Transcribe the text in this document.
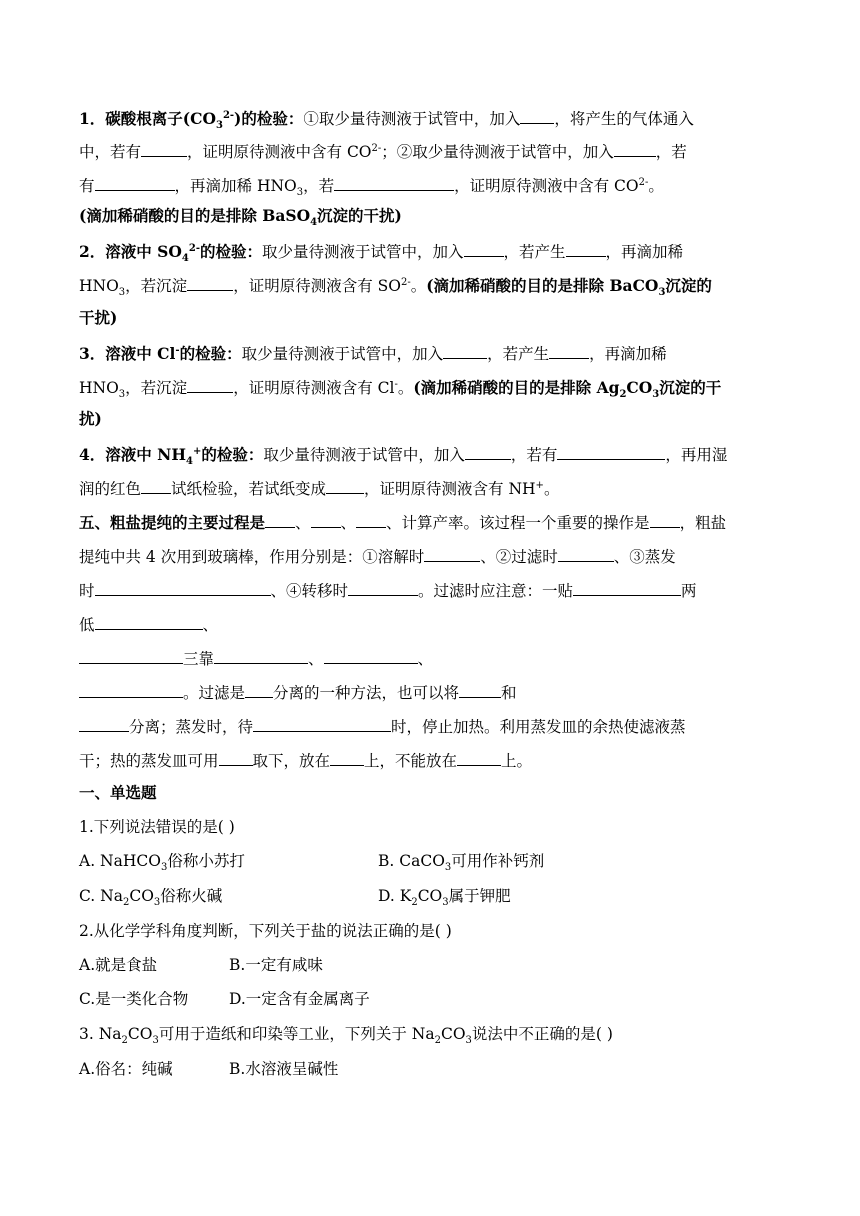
1．碳酸根离子$(CO_3^{2-})$的检验：①取少量待测液于试管中，加入 ，将产生的气体通入
中，若有	，证明原待测液中含有 $CO^{2-}$；②取少量待测液于试管中，加入	，若
有	，再滴加稀 $HNO_3$，若	，证明原待测液中含有 $CO^{2-}$。
(滴加稀硝酸的目的是排除 BaSO$_4$沉淀的干扰)
2．溶液中 $SO_4^{2-}$的检验：取少量待测液于试管中，加入	，若产生	，再滴加稀
$HNO_3$，若沉淀	，证明原待测液含有 $SO^{2-}$。(滴加稀硝酸的目的是排除 BaCO$_3$沉淀的
干扰)
3．溶液中 Cl-的检验：取少量待测液于试管中，加入	，若产生	，再滴加稀
$HNO_3$，若沉淀	，证明原待测液含有 Cl-。(滴加稀硝酸的目的是排除 $Ag_2CO_3$沉淀的干
扰)
4．溶液中 $NH_4^+$的检验：取少量待测液于试管中，加入	，若有	，再用湿
润的红色 试纸检验，若试纸变成 ，证明原待测液含有 NH+。
五、粗盐提纯的主要过程是 、 、 、计算产率。该过程一个重要的操作是 ，粗盐
提纯中共 4 次用到玻璃棒，作用分别是：①溶解时	、②过滤时	、③蒸发
时	、④转移时	。过滤时应注意：一贴	两
低	、
三靠	、	、
。过滤是 分离的一种方法，也可以将	和
分离；蒸发时，待	时，停止加热。利用蒸发皿的余热使滤液蒸
干；热的蒸发皿可用 取下，放在 上，不能放在	上。
一、单选题
1.下列说法错误的是( )
A. NaHCO$_3$俗称小苏打	B. CaCO$_3$可用作补钙剂
C. $Na_2CO_3$俗称火碱	D. $K_2CO_3$属于钾肥
2.从化学学科角度判断，下列关于盐的说法正确的是( )
A.就是食盐	B.一定有咸味
C.是一类化合物	D.一定含有金属离子
3. $Na_2CO_3$可用于造纸和印染等工业，下列关于 $Na_2CO_3$说法中不正确的是( )
A.俗名：纯碱	B.水溶液呈碱性
